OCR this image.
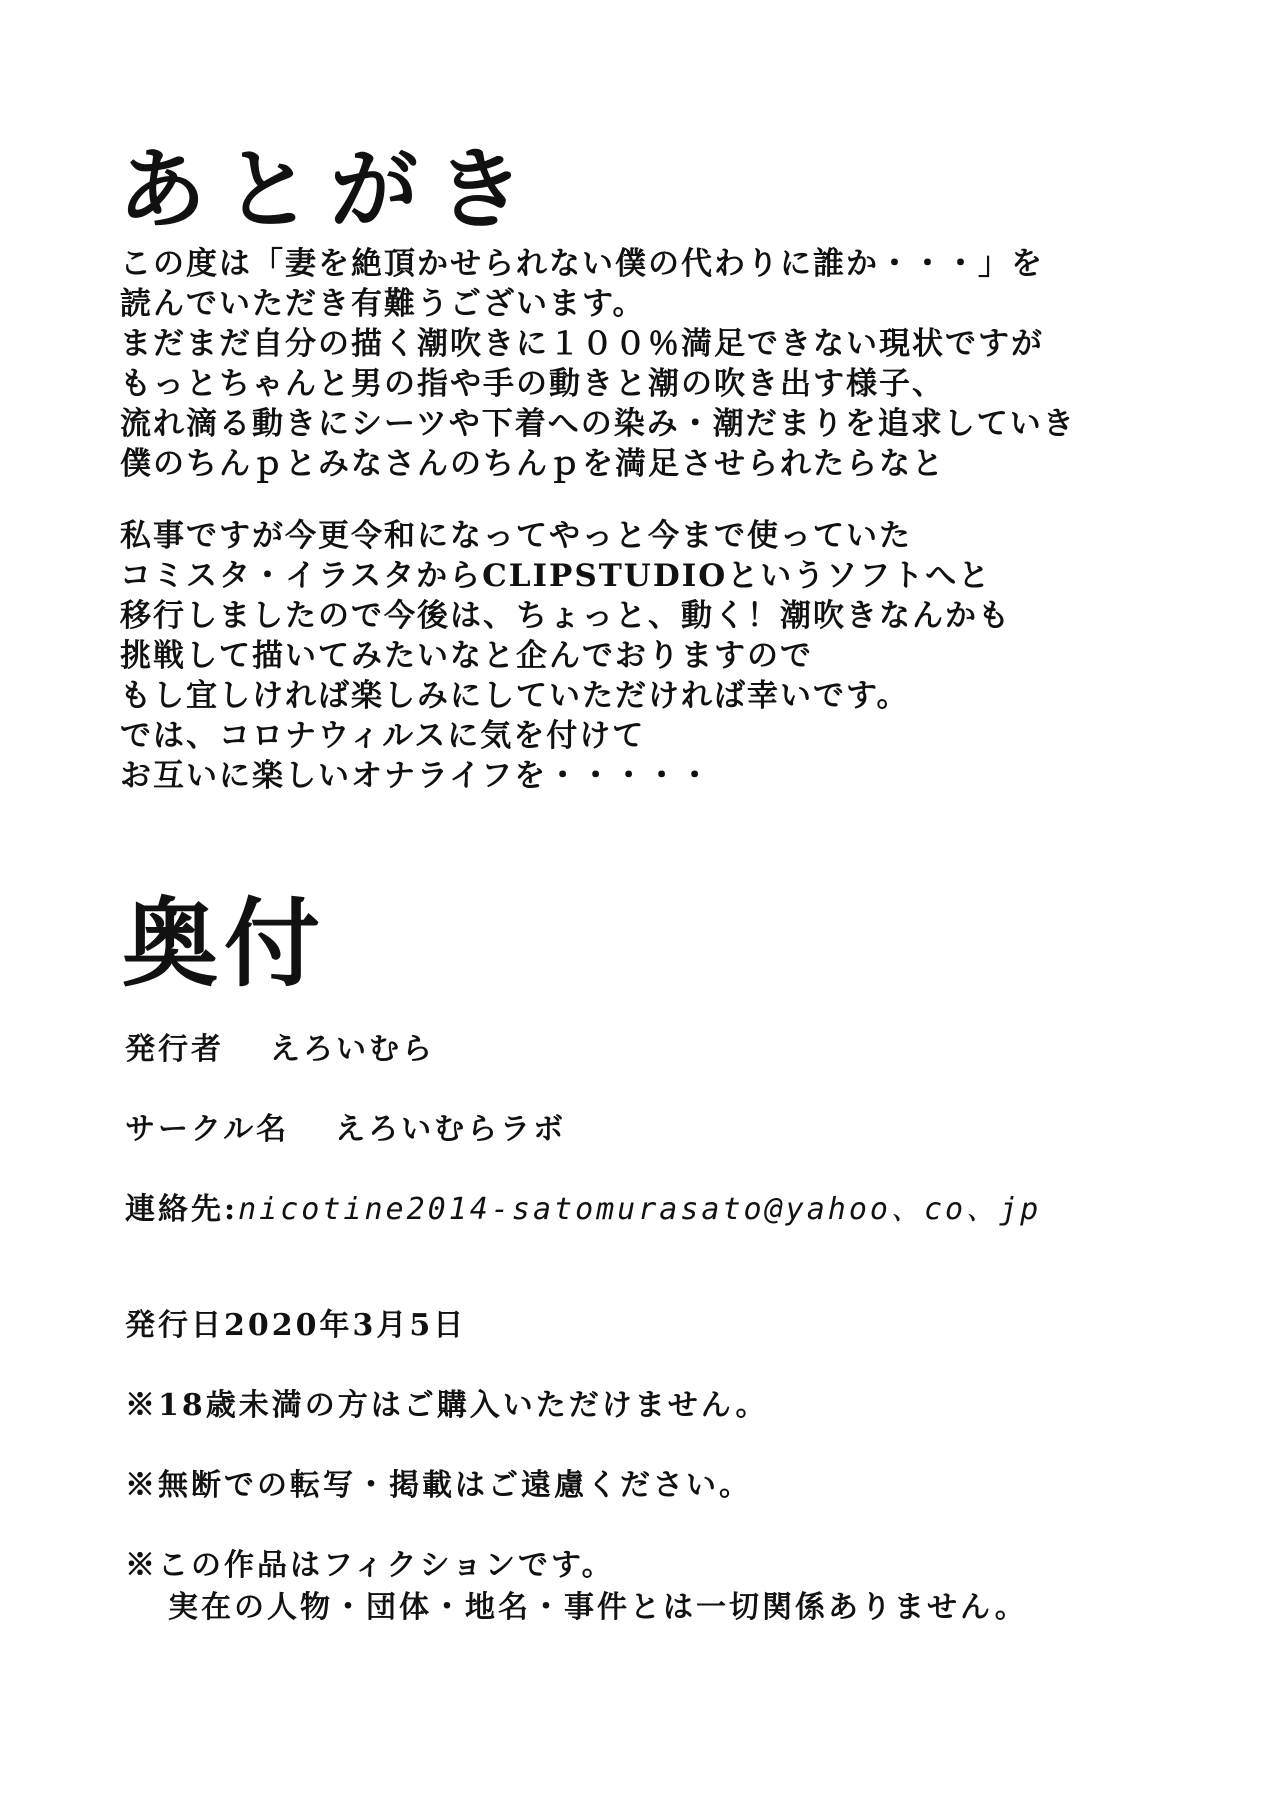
あとがき
この度は「妻を絶頂かせられない僕の代わりに誰か・・・」を
読んでいただき有難うございます。
まだまだ自分の描く潮吹きに１００％満足できない現状ですが
もっとちゃんと男の指や手の動きと潮の吹き出す様子、
流れ滴る動きにシーツや下着への染み・潮だまりを追求していき
僕のちんｐとみなさんのちんｐを満足させられたらなと
私事ですが今更令和になってやっと今まで使っていた
コミスタ・イラスタからCLIPSTUDIOというソフトへと
移行しましたので今後は、ちょっと、動く！潮吹きなんかも
挑戦して描いてみたいなと企んでおりますので
もし宜しければ楽しみにしていただければ幸いです。
では、コロナウィルスに気を付けて
お互いに楽しいオナライフを・・・・・
奥付
発行者 えろいむら
サークル名 えろいむらラボ
連絡先:nicotine2014-satomurasato@yahoo、co、jp
発行日2020年3月5日
※18歳未満の方はご購入いただけません。
※無断での転写・掲載はご遠慮ください。
※この作品はフィクションです。
実在の人物・団体・地名・事件とは一切関係ありません。
